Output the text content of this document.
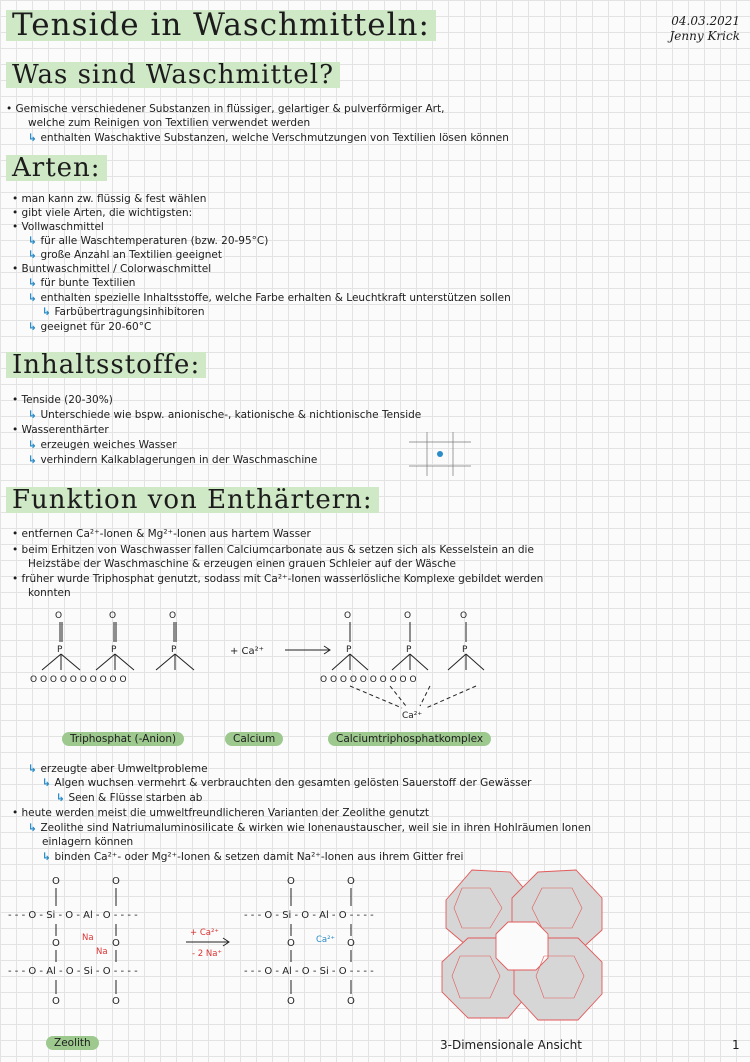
Tenside in Waschmitteln:	04.03.2021
Jenny Krick
Was sind Waschmittel?
• Gemische verschiedener Substanzen in flüssiger, gelartiger & pulverförmiger Art,
welche zum Reinigen von Textilien verwendet werden
↳ enthalten Waschaktive Substanzen, welche Verschmutzungen von Textilien lösen können
Arten:
• man kann zw. flüssig & fest wählen
• gibt viele Arten, die wichtigsten:
• Vollwaschmittel
↳ für alle Waschtemperaturen (bzw. 20-95°C)
↳ große Anzahl an Textilien geeignet
• Buntwaschmittel / Colorwaschmittel
↳ für bunte Textilien
↳ enthalten spezielle Inhaltsstoffe, welche Farbe erhalten & Leuchtkraft unterstützen sollen
↳ Farbübertragungsinhibitoren
↳ geeignet für 20-60°C
Inhaltsstoffe:
• Tenside (20-30%)
↳ Unterschiede wie bspw. anionische-, kationische & nichtionische Tenside
• Wasserenthärter
↳ erzeugen weiches Wasser
↳ verhindern Kalkablagerungen in der Waschmaschine
Funktion von Enthärtern:
• entfernen Ca²⁺-Ionen & Mg²⁺-Ionen aus hartem Wasser
• beim Erhitzen von Waschwasser fallen Calciumcarbonate aus & setzen sich als Kesselstein an die
Heizstäbe der Waschmaschine & erzeugen einen grauen Schleier auf der Wäsche
• früher wurde Triphosphat genutzt, sodass mit Ca²⁺-Ionen wasserlösliche Komplexe gebildet werden
konnten
O	O	O
P	P	P
O O O O O O O O O O
O	O	O
P	P	P
O O O O O O O O O O
+ Ca²⁺
Ca²⁺
Triphosphat (-Anion)	Calcium	Calciumtriphosphatkomplex
↳ erzeugte aber Umweltprobleme
↳ Algen wuchsen vermehrt & verbrauchten den gesamten gelösten Sauerstoff der Gewässer
↳ Seen & Flüsse starben ab
• heute werden meist die umweltfreundlicheren Varianten der Zeolithe genutzt
↳ Zeolithe sind Natriumaluminosilicate & wirken wie Ionenaustauscher, weil sie in ihren Hohlräumen Ionen
einlagern können
↳ binden Ca²⁺- oder Mg²⁺-Ionen & setzen damit Na²⁺-Ionen aus ihrem Gitter frei
O	O
- - - O - Si - O - Al - O - - - -
O	O
- - - O - Al - O - Si - O - - - -
O	O
O	O
- - - O - Si - O - Al - O - - - -
O	O
- - - O - Al - O - Si - O - - - -
O	O
Na
Na
+ Ca²⁺
- 2 Na⁺
Ca²⁺
Zeolith	3-Dimensionale Ansicht	1
